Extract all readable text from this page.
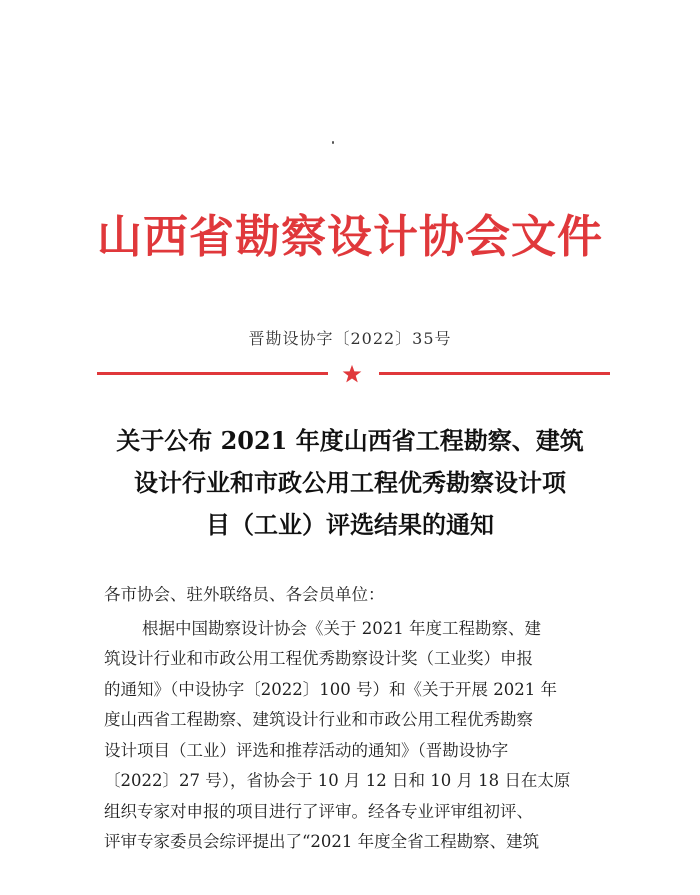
山西省勘察设计协会文件
晋勘设协字〔2022〕35号
关于公布 2021 年度山西省工程勘察、建筑
设计行业和市政公用工程优秀勘察设计项
目（工业）评选结果的通知
各市协会、驻外联络员、各会员单位：
根据中国勘察设计协会《关于 2021 年度工程勘察、建
筑设计行业和市政公用工程优秀勘察设计奖（工业奖）申报
的通知》（中设协字〔2022〕100 号）和《关于开展 2021 年
度山西省工程勘察、建筑设计行业和市政公用工程优秀勘察
设计项目（工业）评选和推荐活动的通知》（晋勘设协字
〔2022〕27 号），省协会于 10 月 12 日和 10 月 18 日在太原
组织专家对申报的项目进行了评审。经各专业评审组初评、
评审专家委员会综评提出了“2021 年度全省工程勘察、建筑
